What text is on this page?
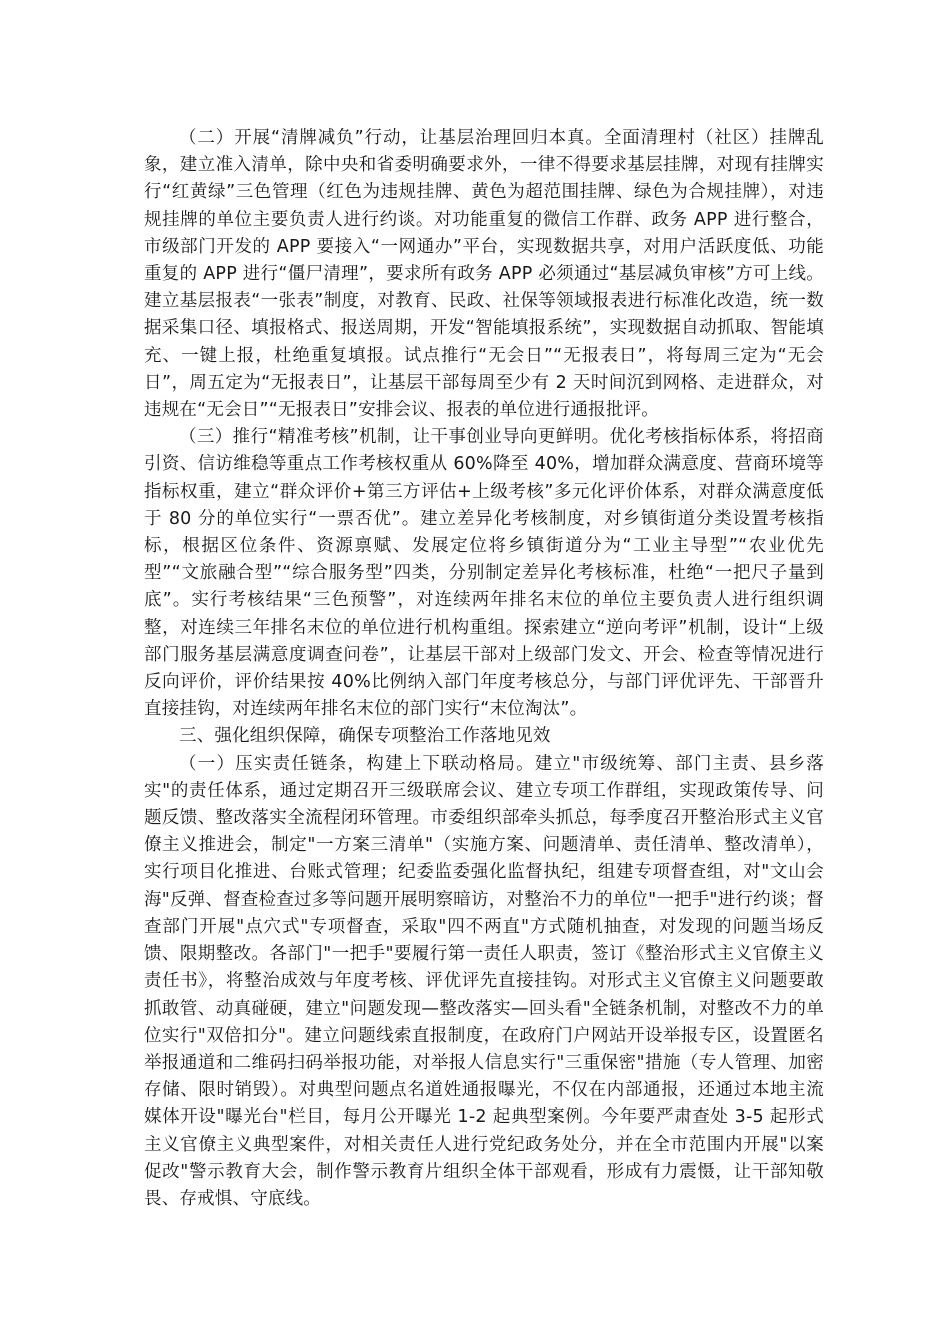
（二）开展“清牌减负”行动，让基层治理回归本真。全面清理村（社区）挂牌乱象，建立准入清单，除中央和省委明确要求外，一律不得要求基层挂牌，对现有挂牌实行“红黄绿”三色管理（红色为违规挂牌、黄色为超范围挂牌、绿色为合规挂牌），对违规挂牌的单位主要负责人进行约谈。对功能重复的微信工作群、政务 APP 进行整合，市级部门开发的 APP 要接入“一网通办”平台，实现数据共享，对用户活跃度低、功能重复的 APP 进行“僵尸清理”，要求所有政务 APP 必须通过“基层减负审核”方可上线。建立基层报表“一张表”制度，对教育、民政、社保等领域报表进行标准化改造，统一数据采集口径、填报格式、报送周期，开发“智能填报系统”，实现数据自动抓取、智能填充、一键上报，杜绝重复填报。试点推行“无会日”“无报表日”，将每周三定为“无会日”，周五定为“无报表日”，让基层干部每周至少有 2 天时间沉到网格、走进群众，对违规在“无会日”“无报表日”安排会议、报表的单位进行通报批评。

（三）推行“精准考核”机制，让干事创业导向更鲜明。优化考核指标体系，将招商引资、信访维稳等重点工作考核权重从 60%降至 40%，增加群众满意度、营商环境等指标权重，建立“群众评价+第三方评估+上级考核”多元化评价体系，对群众满意度低于 80 分的单位实行“一票否优”。建立差异化考核制度，对乡镇街道分类设置考核指标，根据区位条件、资源禀赋、发展定位将乡镇街道分为“工业主导型”“农业优先型”“文旅融合型”“综合服务型”四类，分别制定差异化考核标准，杜绝“一把尺子量到底”。实行考核结果“三色预警”，对连续两年排名末位的单位主要负责人进行组织调整，对连续三年排名末位的单位进行机构重组。探索建立“逆向考评”机制，设计“上级部门服务基层满意度调查问卷”，让基层干部对上级部门发文、开会、检查等情况进行反向评价，评价结果按 40%比例纳入部门年度考核总分，与部门评优评先、干部晋升直接挂钩，对连续两年排名末位的部门实行“末位淘汰”。

三、强化组织保障，确保专项整治工作落地见效

（一）压实责任链条，构建上下联动格局。建立"市级统筹、部门主责、县乡落实"的责任体系，通过定期召开三级联席会议、建立专项工作群组，实现政策传导、问题反馈、整改落实全流程闭环管理。市委组织部牵头抓总，每季度召开整治形式主义官僚主义推进会，制定"一方案三清单"（实施方案、问题清单、责任清单、整改清单），实行项目化推进、台账式管理；纪委监委强化监督执纪，组建专项督查组，对"文山会海"反弹、督查检查过多等问题开展明察暗访，对整治不力的单位"一把手"进行约谈；督查部门开展"点穴式"专项督查，采取"四不两直"方式随机抽查，对发现的问题当场反馈、限期整改。各部门"一把手"要履行第一责任人职责，签订《整治形式主义官僚主义责任书》，将整治成效与年度考核、评优评先直接挂钩。对形式主义官僚主义问题要敢抓敢管、动真碰硬，建立"问题发现—整改落实—回头看"全链条机制，对整改不力的单位实行"双倍扣分"。建立问题线索直报制度，在政府门户网站开设举报专区，设置匿名举报通道和二维码扫码举报功能，对举报人信息实行"三重保密"措施（专人管理、加密存储、限时销毁）。对典型问题点名道姓通报曝光，不仅在内部通报，还通过本地主流媒体开设"曝光台"栏目，每月公开曝光 1-2 起典型案例。今年要严肃查处 3-5 起形式主义官僚主义典型案件，对相关责任人进行党纪政务处分，并在全市范围内开展"以案促改"警示教育大会，制作警示教育片组织全体干部观看，形成有力震慑，让干部知敬畏、存戒惧、守底线。
